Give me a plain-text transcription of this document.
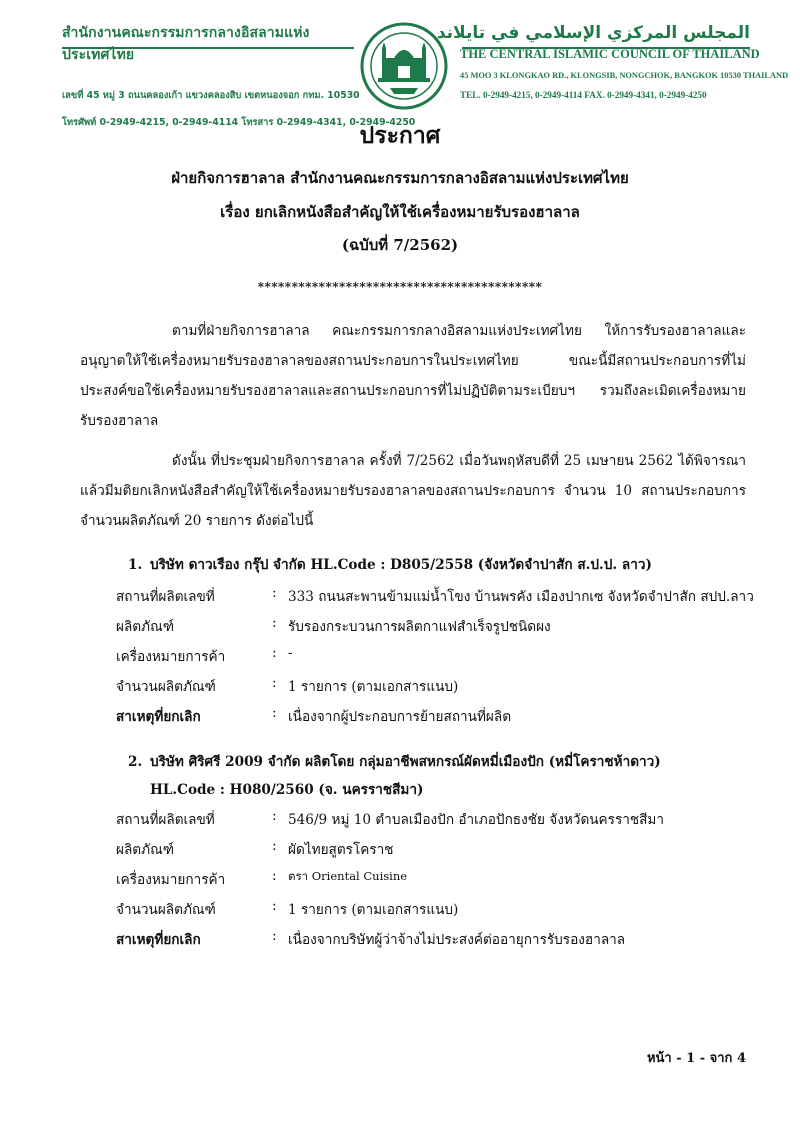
สำนักงานคณะกรรมการกลางอิสลามแห่งประเทศไทย
เลขที่ 45 หมู่ 3 ถนนคลองเก้า แขวงคลองสิบ เขตหนองจอก กทม. 10530
โทรศัพท์ 0-2949-4215, 0-2949-4114 โทรสาร 0-2949-4341, 0-2949-4250
المجلس المركزي الإسلامي في تايلاند
THE CENTRAL ISLAMIC COUNCIL OF THAILAND
45 MOO 3 KLONGKAO RD., KLONGSIB, NONGCHOK, BANGKOK 10530 THAILAND
TEL. 0-2949-4215, 0-2949-4114 FAX. 0-2949-4341, 0-2949-4250
ประกาศ
ฝ่ายกิจการฮาลาล สำนักงานคณะกรรมการกลางอิสลามแห่งประเทศไทย
เรื่อง ยกเลิกหนังสือสำคัญให้ใช้เครื่องหมายรับรองฮาลาล
(ฉบับที่ 7/2562)
******************************************
ตามที่ฝ่ายกิจการฮาลาล คณะกรรมการกลางอิสลามแห่งประเทศไทย ให้การรับรองฮาลาลและอนุญาตให้ใช้เครื่องหมายรับรองฮาลาลของสถานประกอบการในประเทศไทย ขณะนี้มีสถานประกอบการที่ไม่ประสงค์ขอใช้เครื่องหมายรับรองฮาลาลและสถานประกอบการที่ไม่ปฏิบัติตามระเบียบฯ รวมถึงละเมิดเครื่องหมายรับรองฮาลาล
ดังนั้น ที่ประชุมฝ่ายกิจการฮาลาล ครั้งที่ 7/2562 เมื่อวันพฤหัสบดีที่ 25 เมษายน 2562 ได้พิจารณาแล้วมีมติยกเลิกหนังสือสำคัญให้ใช้เครื่องหมายรับรองฮาลาลของสถานประกอบการ จำนวน 10 สถานประกอบการ จำนวนผลิตภัณฑ์ 20 รายการ ดังต่อไปนี้
1. บริษัท ดาวเรือง กรุ๊ป จำกัด HL.Code : D805/2558 (จังหวัดจำปาสัก ส.ป.ป. ลาว)
สถานที่ผลิตเลขที่	: 333 ถนนสะพานข้ามแม่น้ำโขง บ้านพรคัง เมืองปากเซ จังหวัดจำปาสัก สปป.ลาว
ผลิตภัณฑ์	: รับรองกระบวนการผลิตกาแฟสำเร็จรูปชนิดผง
เครื่องหมายการค้า	: -
จำนวนผลิตภัณฑ์	: 1 รายการ (ตามเอกสารแนบ)
สาเหตุที่ยกเลิก	: เนื่องจากผู้ประกอบการย้ายสถานที่ผลิต
2. บริษัท ศิริศรี 2009 จำกัด ผลิตโดย กลุ่มอาชีพสหกรณ์ผัดหมี่เมืองปัก (หมี่โคราชห้าดาว)
HL.Code : H080/2560 (จ. นครราชสีมา)
สถานที่ผลิตเลขที่	: 546/9 หมู่ 10 ตำบลเมืองปัก อำเภอปักธงชัย จังหวัดนครราชสีมา
ผลิตภัณฑ์	: ผัดไทยสูตรโคราช
เครื่องหมายการค้า	: ตรา Oriental Cuisine
จำนวนผลิตภัณฑ์	: 1 รายการ (ตามเอกสารแนบ)
สาเหตุที่ยกเลิก	: เนื่องจากบริษัทผู้ว่าจ้างไม่ประสงค์ต่ออายุการรับรองฮาลาล
หน้า - 1 - จาก 4
